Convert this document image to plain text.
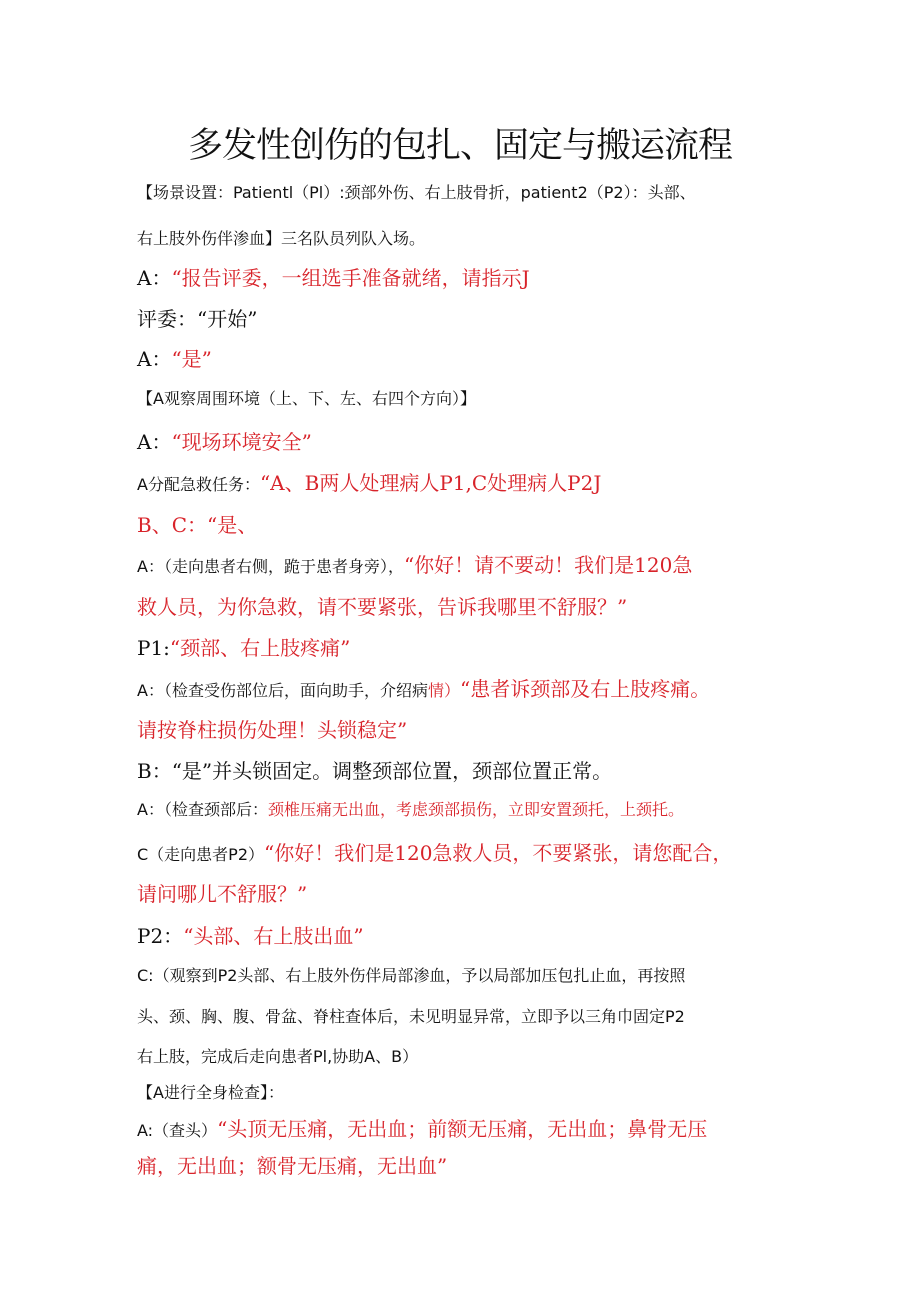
多发性创伤的包扎、固定与搬运流程
【场景设置：Patientl（Pl）:颈部外伤、右上肢骨折，patient2（P2）：头部、
右上肢外伤伴渗血】三名队员列队入场。
A：“报告评委，一组选手准备就绪，请指示J
评委：“开始”
A：“是”
【A观察周围环境（上、下、左、右四个方向）】
A：“现场环境安全”
A分配急救任务：“A、B两人处理病人P1,C处理病人P2J
B、C：“是、
A：（走向患者右侧，跪于患者身旁），“你好！请不要动！我们是120急
救人员，为你急救，请不要紧张，告诉我哪里不舒服？”
P1:“颈部、右上肢疼痛”
A：（检查受伤部位后，面向助手，介绍病情）“患者诉颈部及右上肢疼痛。
请按脊柱损伤处理！头锁稳定”
B：“是”并头锁固定。调整颈部位置，颈部位置正常。
A：（检查颈部后：颈椎压痛无出血，考虑颈部损伤，立即安置颈托，上颈托。
C（走向患者P2）“你好！我们是120急救人员，不要紧张，请您配合，
请问哪儿不舒服？”
P2：“头部、右上肢出血”
C:（观察到P2头部、右上肢外伤伴局部渗血，予以局部加压包扎止血，再按照
头、颈、胸、腹、骨盆、脊柱查体后，未见明显异常，立即予以三角巾固定P2
右上肢，完成后走向患者Pl,协助A、B）
【A进行全身检查】：
A:（查头）“头顶无压痛，无出血；前额无压痛，无出血；鼻骨无压
痛，无出血；额骨无压痛，无出血”
